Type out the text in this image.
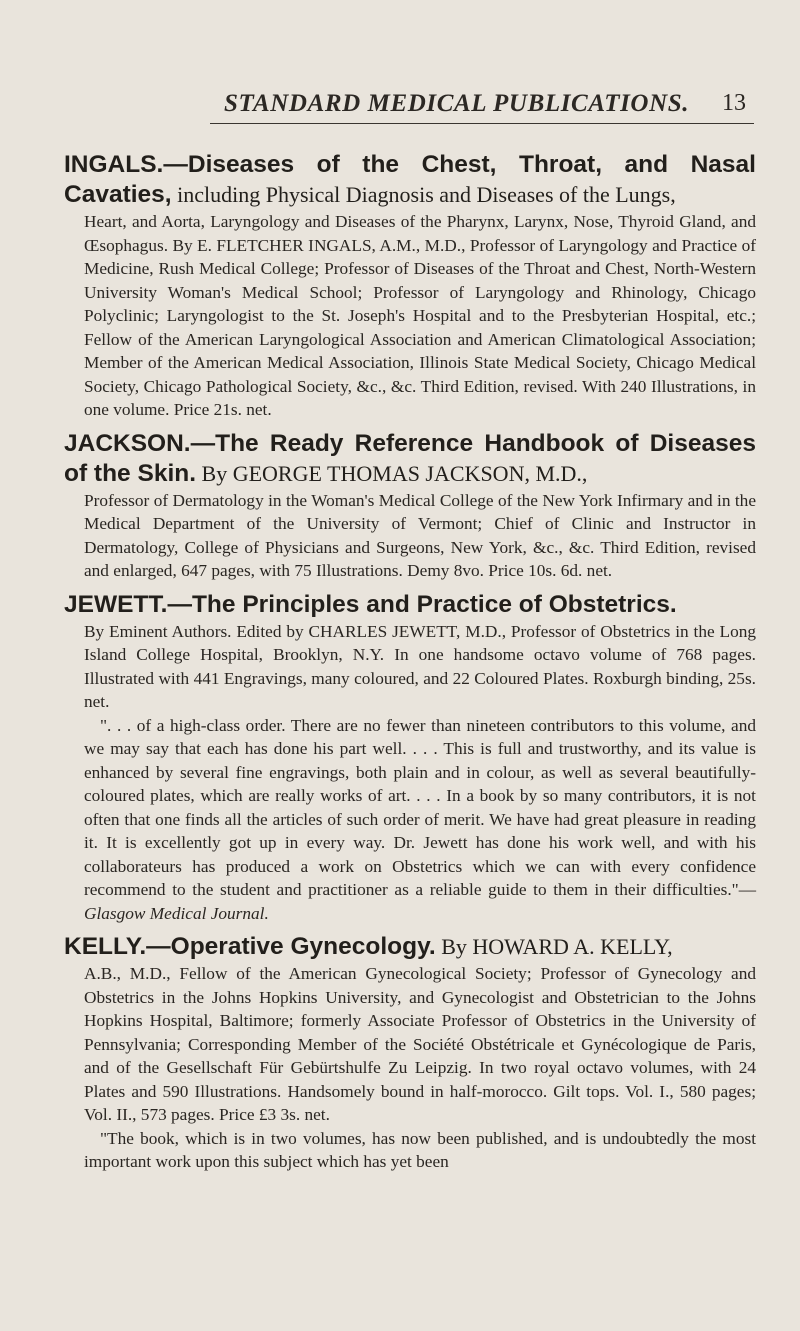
STANDARD MEDICAL PUBLICATIONS. 13
INGALS.—Diseases of the Chest, Throat, and Nasal Cavaties, including Physical Diagnosis and Diseases of the Lungs,

Heart, and Aorta, Laryngology and Diseases of the Pharynx, Larynx, Nose, Thyroid Gland, and Œsophagus. By E. FLETCHER INGALS, A.M., M.D., Professor of Laryngology and Practice of Medicine, Rush Medical College; Professor of Diseases of the Throat and Chest, North-Western University Woman's Medical School; Professor of Laryngology and Rhinology, Chicago Polyclinic; Laryngologist to the St. Joseph's Hospital and to the Presbyterian Hospital, etc.; Fellow of the American Laryngological Association and American Climatological Association; Member of the American Medical Association, Illinois State Medical Society, Chicago Medical Society, Chicago Pathological Society, &c., &c. Third Edition, revised. With 240 Illustrations, in one volume. Price 21s. net.

JACKSON.—The Ready Reference Handbook of Diseases of the Skin. By GEORGE THOMAS JACKSON, M.D.,

Professor of Dermatology in the Woman's Medical College of the New York Infirmary and in the Medical Department of the University of Vermont; Chief of Clinic and Instructor in Dermatology, College of Physicians and Surgeons, New York, &c., &c. Third Edition, revised and enlarged, 647 pages, with 75 Illustrations. Demy 8vo. Price 10s. 6d. net.

JEWETT.—The Principles and Practice of Obstetrics.

By Eminent Authors. Edited by CHARLES JEWETT, M.D., Professor of Obstetrics in the Long Island College Hospital, Brooklyn, N.Y. In one handsome octavo volume of 768 pages. Illustrated with 441 Engravings, many coloured, and 22 Coloured Plates. Roxburgh binding, 25s. net.

". . . of a high-class order. There are no fewer than nineteen contributors to this volume, and we may say that each has done his part well. . . . This is full and trustworthy, and its value is enhanced by several fine engravings, both plain and in colour, as well as several beautifully-coloured plates, which are really works of art. . . . In a book by so many contributors, it is not often that one finds all the articles of such order of merit. We have had great pleasure in reading it. It is excellently got up in every way. Dr. Jewett has done his work well, and with his collaborateurs has produced a work on Obstetrics which we can with every confidence recommend to the student and practitioner as a reliable guide to them in their difficulties."—Glasgow Medical Journal.

KELLY.—Operative Gynecology. By HOWARD A. KELLY,

A.B., M.D., Fellow of the American Gynecological Society; Professor of Gynecology and Obstetrics in the Johns Hopkins University, and Gynecologist and Obstetrician to the Johns Hopkins Hospital, Baltimore; formerly Associate Professor of Obstetrics in the University of Pennsylvania; Corresponding Member of the Société Obstétricale et Gynécologique de Paris, and of the Gesellschaft Für Gebürtshulfe Zu Leipzig. In two royal octavo volumes, with 24 Plates and 590 Illustrations. Handsomely bound in half-morocco. Gilt tops. Vol. I., 580 pages; Vol. II., 573 pages. Price £3 3s. net.

"The book, which is in two volumes, has now been published, and is undoubtedly the most important work upon this subject which has yet been
